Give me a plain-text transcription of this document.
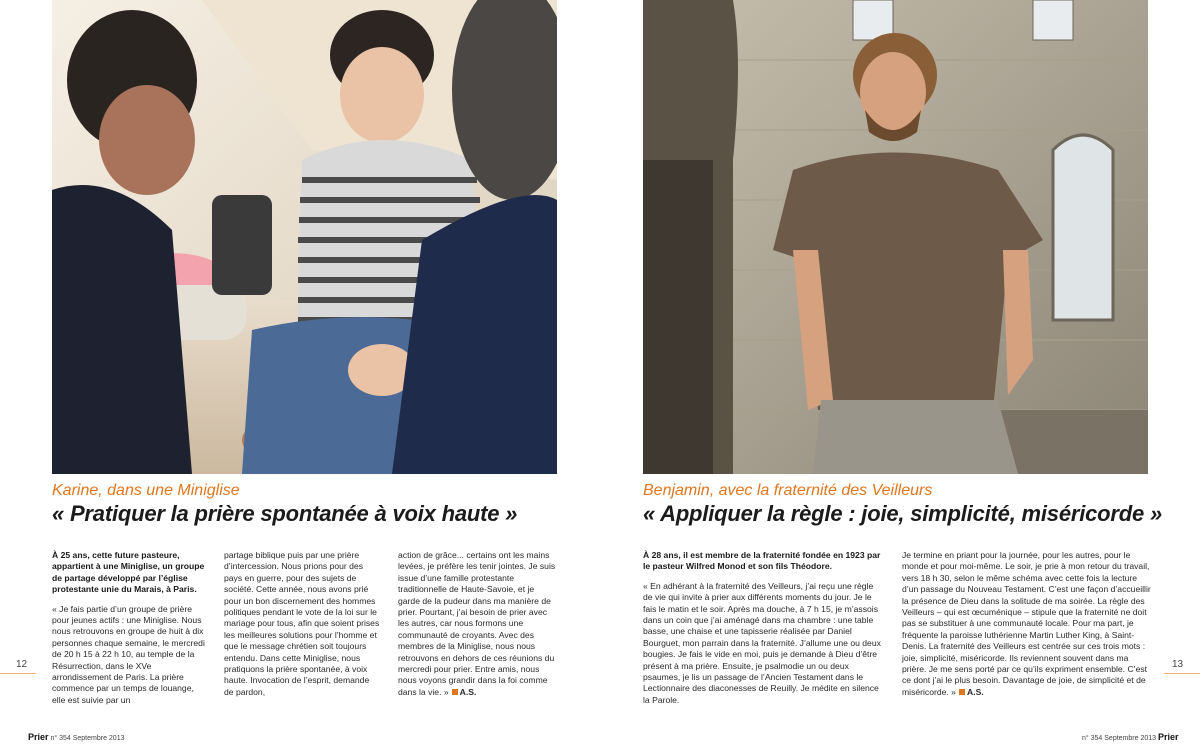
Karine, dans une Miniglise
« Pratiquer la prière spontanée à voix haute »

À 25 ans, cette future pasteure, appartient à une Miniglise, un groupe de partage développé par l’église protestante unie du Marais, à Paris.

« Je fais partie d’un groupe de prière pour jeunes actifs : une Miniglise. Nous nous retrouvons en groupe de huit à dix personnes chaque semaine, le mercredi de 20 h 15 à 22 h 10, au temple de la Résurrection, dans le XVe arrondissement de Paris. La prière commence par un temps de louange, elle est suivie par un

partage biblique puis par une prière d’intercession. Nous prions pour des pays en guerre, pour des sujets de société. Cette année, nous avons prié pour un bon discernement des hommes politiques pendant le vote de la loi sur le mariage pour tous, afin que soient prises les meilleures solutions pour l’homme et que le message chrétien soit toujours entendu. Dans cette Miniglise, nous pratiquons la prière spontanée, à voix haute. Invocation de l’esprit, demande de pardon,

action de grâce... certains ont les mains levées, je préfère les tenir jointes. Je suis issue d’une famille protestante traditionnelle de Haute-Savoie, et je garde de la pudeur dans ma manière de prier. Pourtant, j’ai besoin de prier avec les autres, car nous formons une communauté de croyants. Avec des membres de la Miniglise, nous nous retrouvons en dehors de ces réunions du mercredi pour prier. Entre amis, nous nous voyons grandir dans la foi comme dans la vie. » A.S.

12
Prier n° 354 Septembre 2013
Benjamin, avec la fraternité des Veilleurs
« Appliquer la règle : joie, simplicité, miséricorde »

À 28 ans, il est membre de la fraternité fondée en 1923 par le pasteur Wilfred Monod et son fils Théodore.

« En adhérant à la fraternité des Veilleurs, j’ai reçu une règle de vie qui invite à prier aux différents moments du jour. Je le fais le matin et le soir. Après ma douche, à 7 h 15, je m’assois dans un coin que j’ai aménagé dans ma chambre : une table basse, une chaise et une tapisserie réalisée par Daniel Bourguet, mon parrain dans la fraternité. J’allume une ou deux bougies. Je fais le vide en moi, puis je demande à Dieu d’être présent à ma prière. Ensuite, je psalmodie un ou deux psaumes, je lis un passage de l’Ancien Testament dans le Lectionnaire des diaconesses de Reuilly. Je médite en silence la Parole.

Je termine en priant pour la journée, pour les autres, pour le monde et pour moi-même. Le soir, je prie à mon retour du travail, vers 18 h 30, selon le même schéma avec cette fois la lecture d’un passage du Nouveau Testament. C’est une façon d’accueillir la présence de Dieu dans la solitude de ma soirée. La règle des Veilleurs – qui est œcuménique – stipule que la fraternité ne doit pas se substituer à une communauté locale. Pour ma part, je fréquente la paroisse luthérienne Martin Luther King, à Saint-Denis. La fraternité des Veilleurs est centrée sur ces trois mots : joie, simplicité, miséricorde. Ils reviennent souvent dans ma prière. Je me sens porté par ce qu’ils expriment ensemble. C’est ce dont j’ai le plus besoin. Davantage de joie, de simplicité et de miséricorde. » A.S.

13
n° 354 Septembre 2013 Prier
